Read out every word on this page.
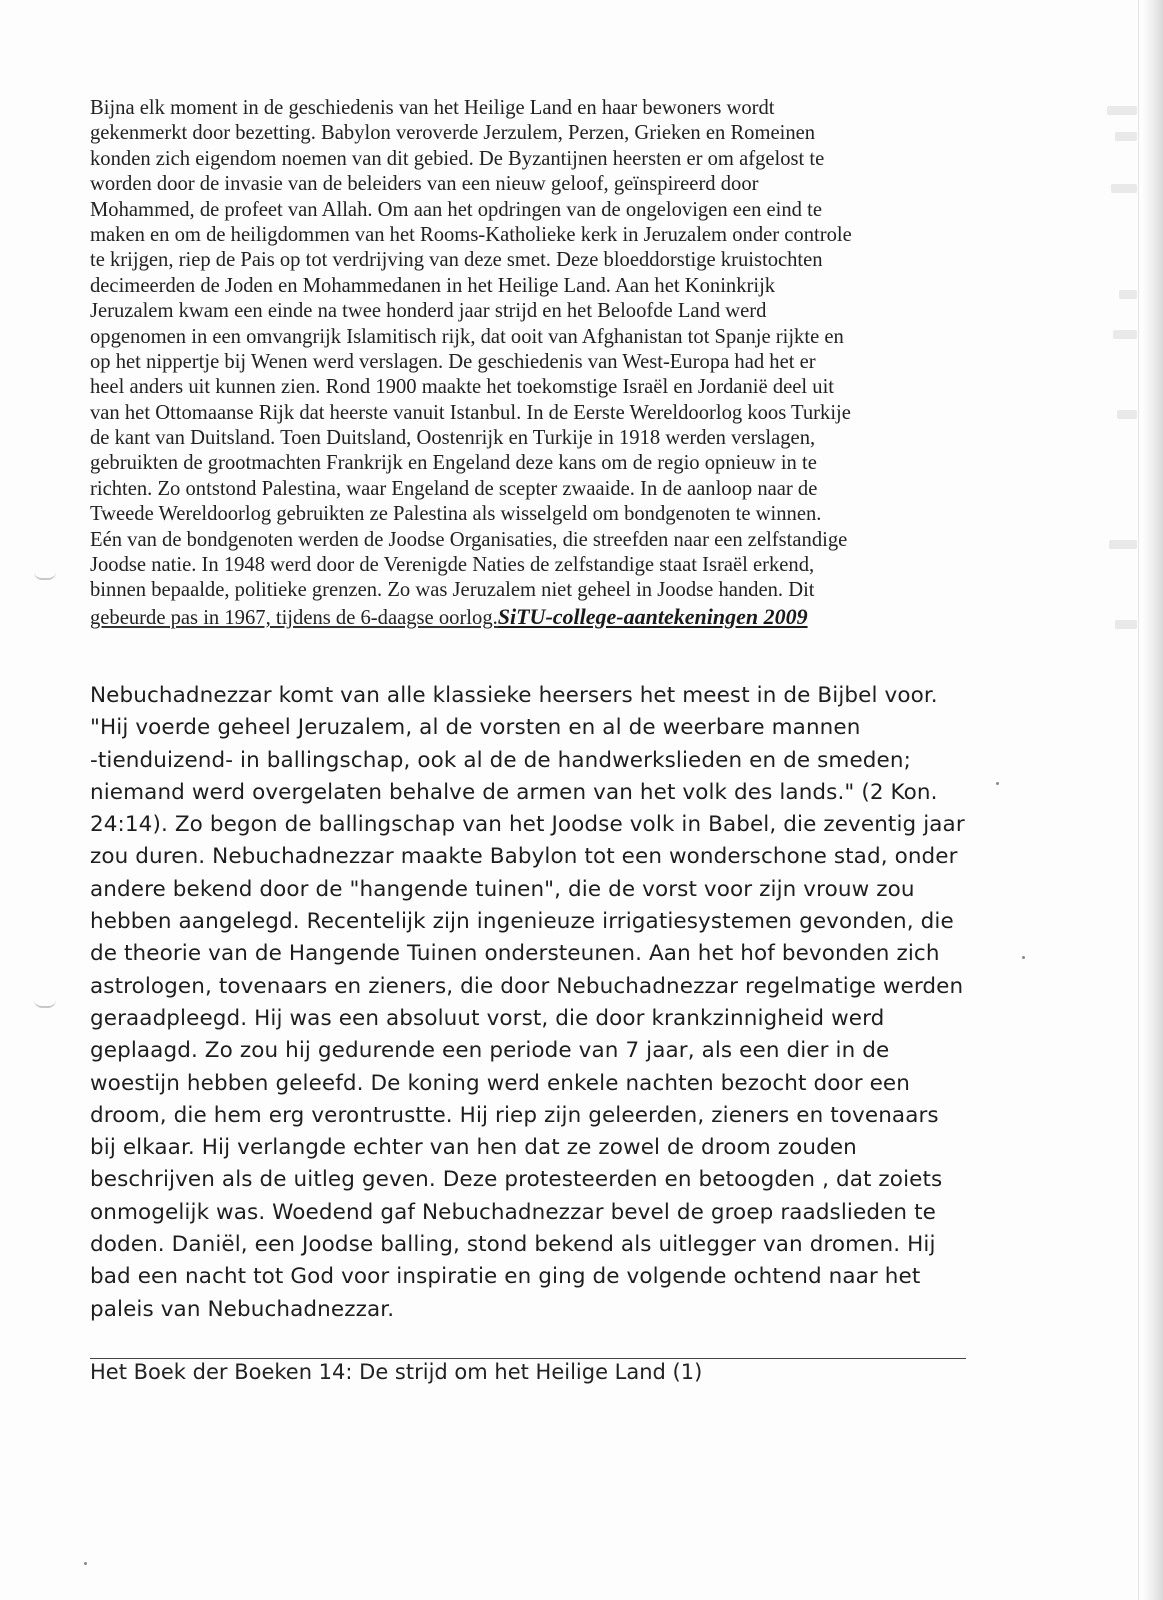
Bijna elk moment in de geschiedenis van het Heilige Land en haar bewoners wordt
gekenmerkt door bezetting. Babylon veroverde Jerzulem, Perzen, Grieken en Romeinen
konden zich eigendom noemen van dit gebied. De Byzantijnen heersten er om afgelost te
worden door de invasie van de beleiders van een nieuw geloof, geïnspireerd door
Mohammed, de profeet van Allah. Om aan het opdringen van de ongelovigen een eind te
maken en om de heiligdommen van het Rooms-Katholieke kerk in Jeruzalem onder controle
te krijgen, riep de Pais op tot verdrijving van deze smet. Deze bloeddorstige kruistochten
decimeerden de Joden en Mohammedanen in het Heilige Land. Aan het Koninkrijk
Jeruzalem kwam een einde na twee honderd jaar strijd en het Beloofde Land werd
opgenomen in een omvangrijk Islamitisch rijk, dat ooit van Afghanistan tot Spanje rijkte en
op het nippertje bij Wenen werd verslagen. De geschiedenis van West-Europa had het er
heel anders uit kunnen zien. Rond 1900 maakte het toekomstige Israël en Jordanië deel uit
van het Ottomaanse Rijk dat heerste vanuit Istanbul. In de Eerste Wereldoorlog koos Turkije
de kant van Duitsland. Toen Duitsland, Oostenrijk en Turkije in 1918 werden verslagen,
gebruikten de grootmachten Frankrijk en Engeland deze kans om de regio opnieuw in te
richten. Zo ontstond Palestina, waar Engeland de scepter zwaaide. In de aanloop naar de
Tweede Wereldoorlog gebruikten ze Palestina als wisselgeld om bondgenoten te winnen.
Eén van de bondgenoten werden de Joodse Organisaties, die streefden naar een zelfstandige
Joodse natie. In 1948 werd door de Verenigde Naties de zelfstandige staat Israël erkend,
binnen bepaalde, politieke grenzen. Zo was Jeruzalem niet geheel in Joodse handen. Dit
gebeurde pas in 1967, tijdens de 6-daagse oorlog.SiTU-college-aantekeningen 2009
Nebuchadnezzar komt van alle klassieke heersers het meest in de Bijbel voor.
"Hij voerde geheel Jeruzalem, al de vorsten en al de weerbare mannen
-tienduizend- in ballingschap, ook al de de handwerkslieden en de smeden;
niemand werd overgelaten behalve de armen van het volk des lands." (2 Kon.
24:14). Zo begon de ballingschap van het Joodse volk in Babel, die zeventig jaar
zou duren. Nebuchadnezzar maakte Babylon tot een wonderschone stad, onder
andere bekend door de "hangende tuinen", die de vorst voor zijn vrouw zou
hebben aangelegd. Recentelijk zijn ingenieuze irrigatiesystemen gevonden, die
de theorie van de Hangende Tuinen ondersteunen. Aan het hof bevonden zich
astrologen, tovenaars en zieners, die door Nebuchadnezzar regelmatige werden
geraadpleegd. Hij was een absoluut vorst, die door krankzinnigheid werd
geplaagd. Zo zou hij gedurende een periode van 7 jaar, als een dier in de
woestijn hebben geleefd. De koning werd enkele nachten bezocht door een
droom, die hem erg verontrustte. Hij riep zijn geleerden, zieners en tovenaars
bij elkaar. Hij verlangde echter van hen dat ze zowel de droom zouden
beschrijven als de uitleg geven. Deze protesteerden en betoogden , dat zoiets
onmogelijk was. Woedend gaf Nebuchadnezzar bevel de groep raadslieden te
doden. Daniël, een Joodse balling, stond bekend als uitlegger van dromen. Hij
bad een nacht tot God voor inspiratie en ging de volgende ochtend naar het
paleis van Nebuchadnezzar.
Het Boek der Boeken 14: De strijd om het Heilige Land (1)
